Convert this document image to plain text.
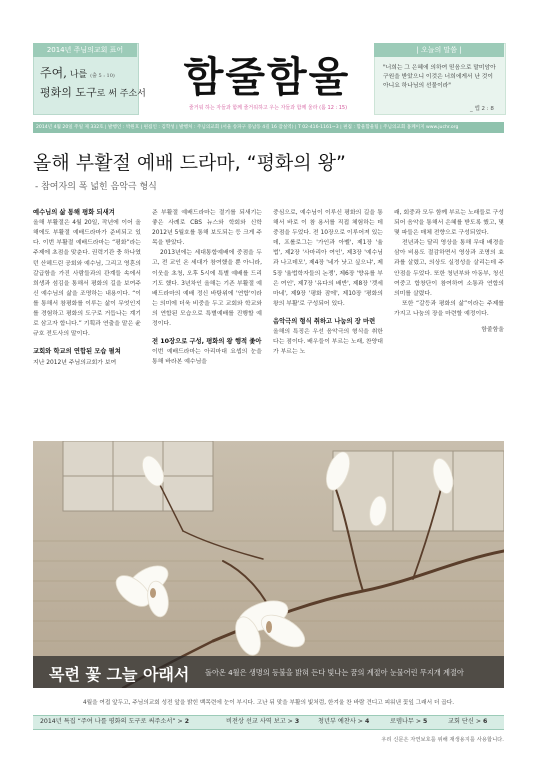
2014년 주님의교회 표어
주여, 나를 (출 5 : 10)
평화의 도구로 써 주소서 함줄함울
줄거워 하는 자들과 함께 줄거워하고 우는 자들과 함께 울라 (롬 12 : 15)
| 오늘의 말씀 |
"너희는 그 은혜에 의하여 믿음으로 말미암아 구원을 받았으니 이것은 너희에게서 난 것이 아니요 하나님의 선물이라"
_ 엡 2 : 8
2014년 4월 20일 주일 제 332호 | 발행인 : 박원호 | 편집인 : 김학성 | 발행처 : 주님의교회 (서울 송파구 풍납동 4길 16 잠실역) | T 02-416-1161~3 | 편집 : 함울함울팀 | 주님의교회 홈페이지 www.juchr.org
올해 부활절 예배 드라마, “평화의 왕”
- 참여자의 폭 넓힌 음악극 형식
예수님의 삶 통해 평화 되새겨

올해 부활절은 4월 20일, 작년에 이어 올해에도 부활절 예배드라마가 준비되고 있다. 이번 부활절 예배드라마는 “평화”라는 주제에 초점을 맞춘다. 권력기관 충 하나였던 산헤드린 공회와 예수님, 그리고 영혼의 갈급함을 가진 사람들과의 관계들 속에서 희생과 섬김을 통해서 평화의 길을 보여주신 예수님의 삶을 조명하는 내용이다. “이를 통해서 참평화를 이루는 삶이 무엇인지를 경험하고 평화의 도구로 거듭나는 계기로 삼고자 합니다.” 기획과 연출을 맡은 윤규호 전도사의 말이다.

교회와 학교의 연합된 모습 펼쳐

지난 2012년 주님의교회가 보여

준 부활절 예배드라마는 절기를 되새기는 좋은 사례로 CBS 뉴스와 학회와 신학 2012년 5월호를 통해 보도되는 등 크게 주목을 받았다.

2013년에는 세대통합예배에 중점을 두고, 전 교인 온 세대가 참여했을 뿐 아니라, 이웃을 초청, 오후 5시에 특별 예배를 드리기도 했다. 3년차인 올해는 기존 부활절 예배드라마의 예배 정신 바탕위에 '연합'이라는 의미에 더욱 비중을 두고 교회와 학교와의 연합된 모습으로 특별예배를 진행할 예정이다.

전 10장으로 구성, 평화의 왕 행적 좇아

이번 예배드라마는 아리마대 요셉의 눈을 통해 바라본 예수님을

중심으로, 예수님이 이루신 평화의 길을 통해서 바로 이 참 용서를 직접 체험하는 데 중점을 두었다. 전 10장으로 이루어져 있는데, 프롤로그는 '가인과 아벨', 제1장 '율법', 제2장 '사마리아 여인', 제3장 '예수님과 나고데모', 제4장 '네가 낫고 싶으냐', 제5장 '율법학자들의 논쟁', 제6장 '향유를 부은 여인', 제7장 '유다의 배반', 제8장 '겟세마네', 제9장 '평화 잠에', 제10장 '평화의 왕의 부활'로 구성되어 있다.

음악극의 형식 취하고 나눔의 장 마련

올해의 특징은 우선 음악극의 형식을 취한다는 점이다. 배우들이 부르는 노래, 찬양대가 부르는 노

래, 회중과 모두 함께 부르는 노래들로 구성되어 음악을 통해서 은혜를 받도록 했고, 몇몇 파들은 매체 전향으로 구성되었다.

전년과는 달리 영상을 통해 무대 배경을 삼아 비용도 절감하면서 영상과 조명의 효과를 살렸고, 의상도 실정성을 살리는데 주안점을 두었다. 또한 청년부와 아동부, 청신여중고 합창단이 참여하여 소통과 연합의 의미를 살렸다.

또한 “갈등과 평화의 삶”이라는 주제를 가지고 나눔의 장을 마련할 예정이다.

함줄함울
목련 꽃 그늘 아래서 돌아온 4월은 생명의 등불을 밝혀 든다 빛나는 꿈의 계절아 눈물어린 무지개 계절아
4월을 여접 앞두고, 주님의교회 성전 앞을 밝힌 백목련에 눈이 부시다. 고난 뒤 맞을 부활의 빛처럼, 한겨울 찬 바람 견디고 피워낸 꽃잎 그래서 더 곱다.
2014년 특집 “주여 나를 평화의 도구로 써주소서” > 2	비전상 선교 사역 보고 > 3	청년부 예찬사 > 4	로뎀나무 > 5	교회 단신 > 6
우리 신문은 자연보호를 위해 재생용지를 사용합니다.
